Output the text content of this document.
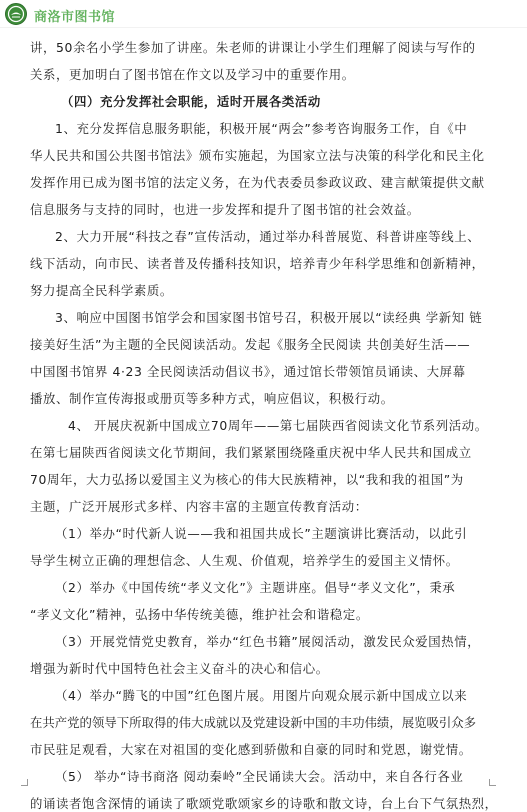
商洛市图书馆
讲，50余名小学生参加了讲座。朱老师的讲课让小学生们理解了阅读与写作的
关系，更加明白了图书馆在作文以及学习中的重要作用。
（四）充分发挥社会职能，适时开展各类活动
1、充分发挥信息服务职能，积极开展“两会”参考咨询服务工作，自《中
华人民共和国公共图书馆法》颁布实施起，为国家立法与决策的科学化和民主化
发挥作用已成为图书馆的法定义务，在为代表委员参政议政、建言献策提供文献
信息服务与支持的同时，也进一步发挥和提升了图书馆的社会效益。
2、大力开展“科技之春”宣传活动，通过举办科普展览、科普讲座等线上、
线下活动，向市民、读者普及传播科技知识，培养青少年科学思维和创新精神，
努力提高全民科学素质。
3、响应中国图书馆学会和国家图书馆号召，积极开展以“读经典 学新知 链
接美好生活”为主题的全民阅读活动。发起《服务全民阅读 共创美好生活——
中国图书馆界 4·23 全民阅读活动倡议书》，通过馆长带领馆员诵读、大屏幕
播放、制作宣传海报或册页等多种方式，响应倡议，积极行动。
4、 开展庆祝新中国成立70周年——第七届陕西省阅读文化节系列活动。
在第七届陕西省阅读文化节期间，我们紧紧围绕隆重庆祝中华人民共和国成立
70周年，大力弘扬以爱国主义为核心的伟大民族精神，以“我和我的祖国”为
主题，广泛开展形式多样、内容丰富的主题宣传教育活动：
（1）举办“时代新人说——我和祖国共成长”主题演讲比赛活动，以此引
导学生树立正确的理想信念、人生观、价值观，培养学生的爱国主义情怀。
（2）举办《中国传统“孝义文化”》主题讲座。倡导“孝义文化”，秉承
“孝义文化”精神，弘扬中华传统美德，维护社会和谐稳定。
（3）开展党情党史教育，举办“红色书籍”展阅活动，激发民众爱国热情，
增强为新时代中国特色社会主义奋斗的决心和信心。
（4）举办“腾飞的中国”红色图片展。用图片向观众展示新中国成立以来
在共产党的领导下所取得的伟大成就以及党建设新中国的丰功伟绩，展览吸引众多
市民驻足观看，大家在对祖国的变化感到骄傲和自豪的同时和党恩，谢党情。
（5） 举办“诗书商洛 阅动秦岭”全民诵读大会。活动中，来自各行各业
的诵读者饱含深情的诵读了歌颂党歌颂家乡的诗歌和散文诗，台上台下气氛热烈，
